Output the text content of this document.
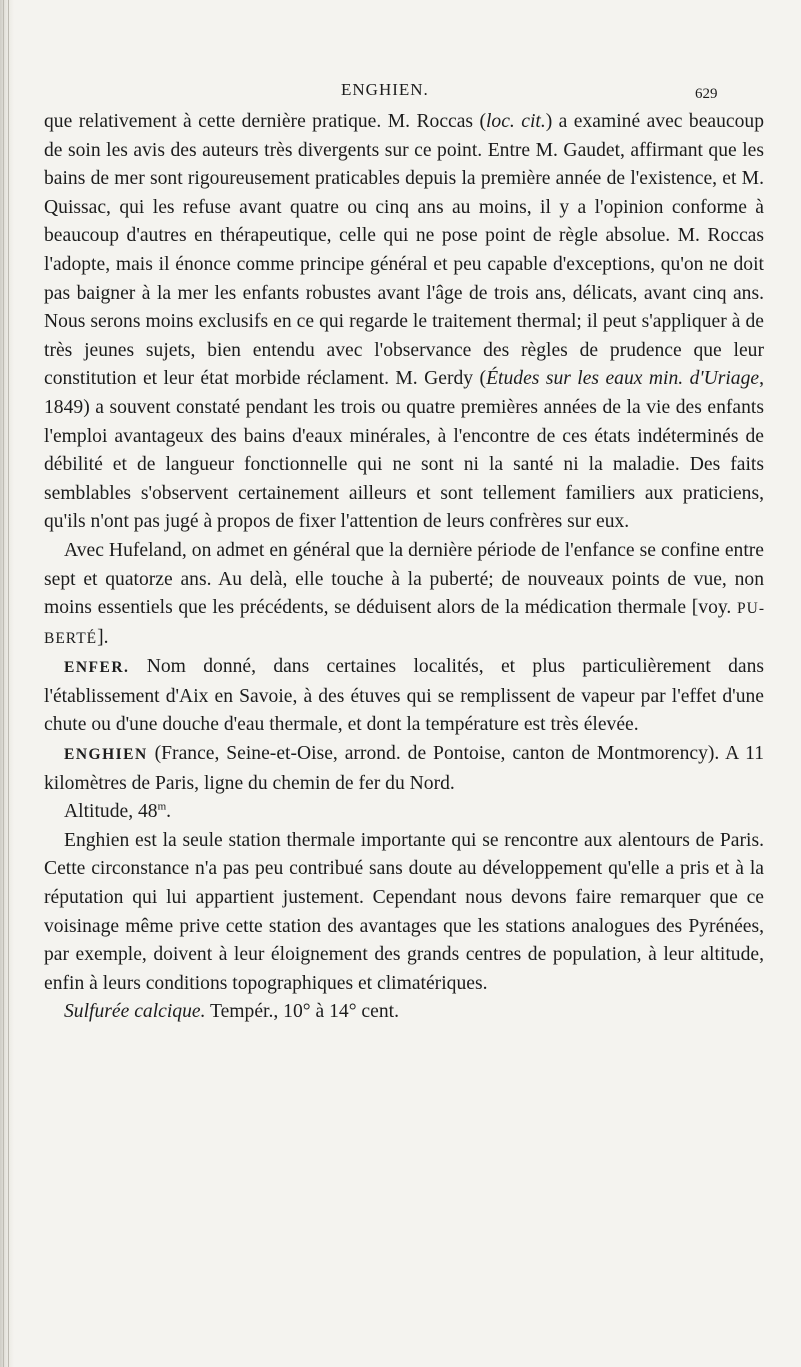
ENGHIEN.	629

que relativement à cette dernière pratique. M. Roccas (loc. cit.) a examiné avec beaucoup de soin les avis des auteurs très divergents sur ce point. Entre M. Gaudet, affirmant que les bains de mer sont rigoureusement praticables depuis la première année de l'existence, et M. Quissac, qui les refuse avant quatre ou cinq ans au moins, il y a l'opinion conforme à beaucoup d'autres en thérapeutique, celle qui ne pose point de règle absolue. M. Roccas l'adopte, mais il énonce comme principe général et peu capable d'exceptions, qu'on ne doit pas baigner à la mer les enfants robustes avant l'âge de trois ans, délicats, avant cinq ans. Nous serons moins exclusifs en ce qui regarde le traitement thermal; il peut s'appliquer à de très jeunes sujets, bien entendu avec l'observance des règles de prudence que leur constitution et leur état morbide réclament. M. Gerdy (Études sur les eaux min. d'Uriage, 1849) a souvent constaté pendant les trois ou quatre premières années de la vie des enfants l'emploi avantageux des bains d'eaux minérales, à l'encontre de ces états indéterminés de débilité et de langueur fonctionnelle qui ne sont ni la santé ni la maladie. Des faits semblables s'observent certainement ailleurs et sont tellement familiers aux praticiens, qu'ils n'ont pas jugé à propos de fixer l'attention de leurs confrères sur eux.

Avec Hufeland, on admet en général que la dernière période de l'enfance se confine entre sept et quatorze ans. Au delà, elle touche à la puberté; de nouveaux points de vue, non moins essentiels que les précédents, se déduisent alors de la médication thermale [voy. PUBERTÉ].

ENFER. Nom donné, dans certaines localités, et plus particulièrement dans l'établissement d'Aix en Savoie, à des étuves qui se remplissent de vapeur par l'effet d'une chute ou d'une douche d'eau thermale, et dont la température est très élevée.

ENGHIEN (France, Seine-et-Oise, arrond. de Pontoise, canton de Montmorency). A 11 kilomètres de Paris, ligne du chemin de fer du Nord.

Altitude, 48$^m$.

Enghien est la seule station thermale importante qui se rencontre aux alentours de Paris. Cette circonstance n'a pas peu contribué sans doute au développement qu'elle a pris et à la réputation qui lui appartient justement. Cependant nous devons faire remarquer que ce voisinage même prive cette station des avantages que les stations analogues des Pyrénées, par exemple, doivent à leur éloignement des grands centres de population, à leur altitude, enfin à leurs conditions topographiques et climatériques.

Sulfurée calcique. Tempér., 10° à 14° cent.
